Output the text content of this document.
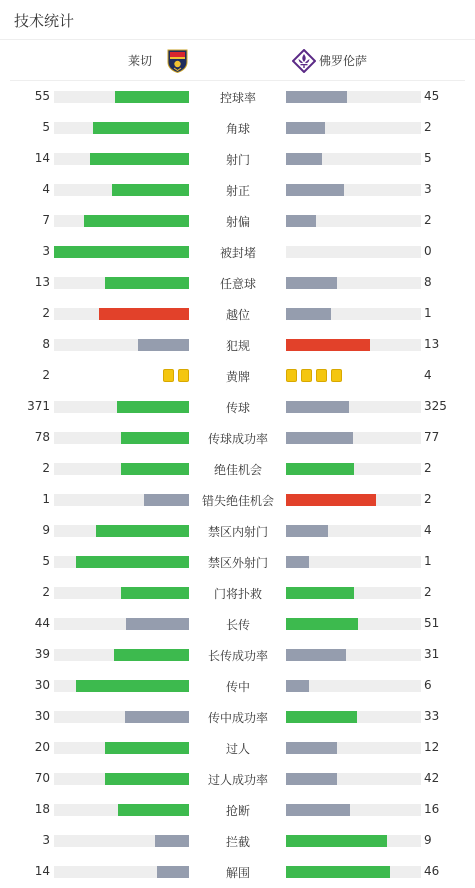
技术统计
莱切	佛罗伦萨
55	控球率	45
5	角球	2
14	射门	5
4	射正	3
7	射偏	2
3	被封堵	0
13	任意球	8
2	越位	1
8	犯规	13
2	黄牌	4
371	传球	325
78	传球成功率	77
2	绝佳机会	2
1	错失绝佳机会	2
9	禁区内射门	4
5	禁区外射门	1
2	门将扑救	2
44	长传	51
39	长传成功率	31
30	传中	6
30	传中成功率	33
20	过人	12
70	过人成功率	42
18	抢断	16
3	拦截	9
14	解围	46
